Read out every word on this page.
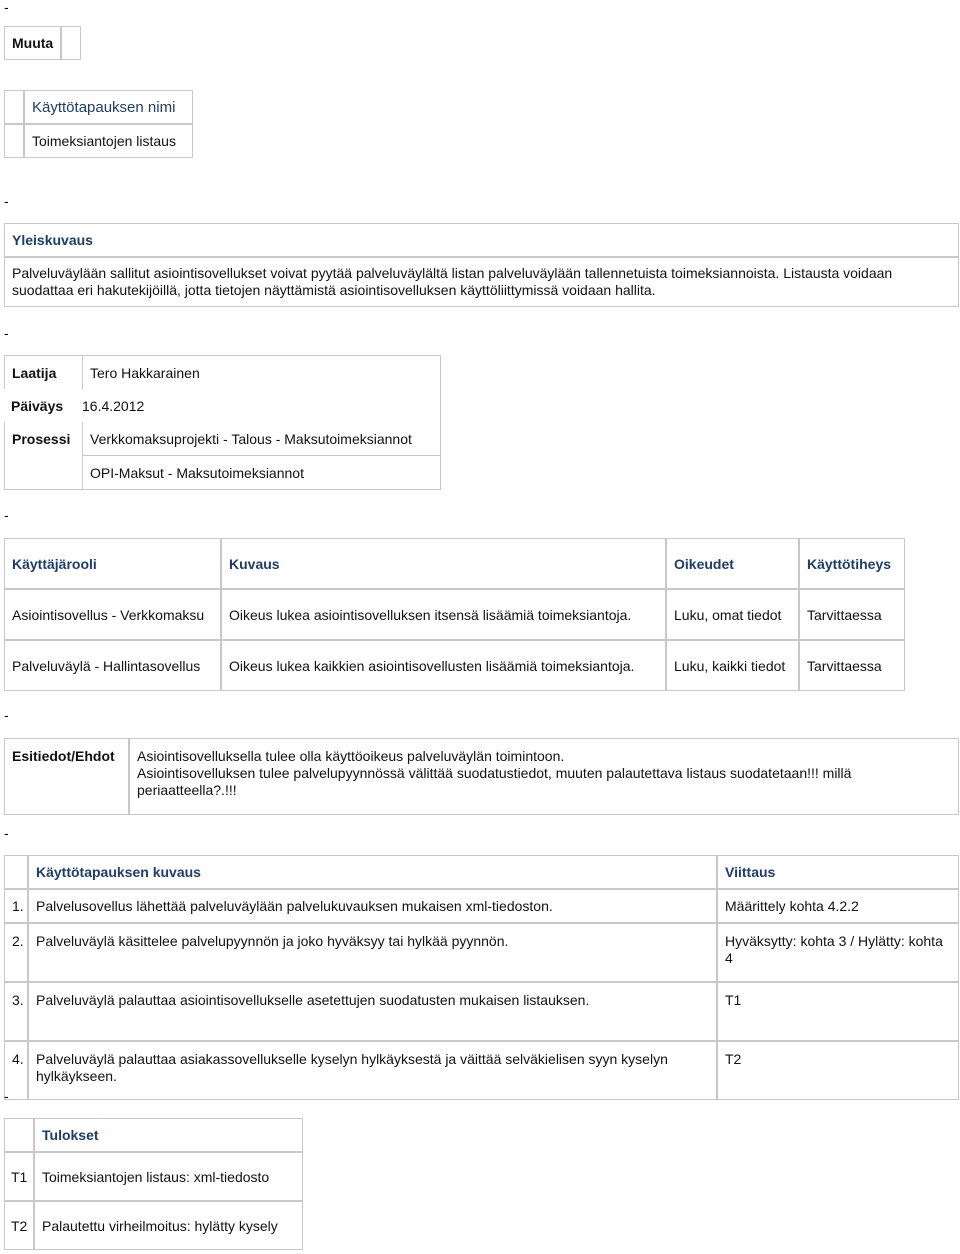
-
Muuta	
	Käyttötapauksen nimi
	Toimeksiantojen listaus
-
Yleiskuvaus
Palveluväylään sallitut asiointisovellukset voivat pyytää palveluväylältä listan palveluväylään tallennetuista toimeksiannoista. Listausta voidaan suodattaa eri hakutekijöillä, jotta tietojen näyttämistä asiointisovelluksen käyttöliittymissä voidaan hallita.
-
Laatija	Tero Hakkarainen
Päiväys	16.4.2012
Prosessi	Verkkomaksuprojekti - Talous - Maksutoimeksiannot
	OPI-Maksut - Maksutoimeksiannot
-
Käyttäjärooli	Kuvaus	Oikeudet	Käyttötiheys
Asiointisovellus - Verkkomaksu	Oikeus lukea asiointisovelluksen itsensä lisäämiä toimeksiantoja.	Luku, omat tiedot	Tarvittaessa
Palveluväylä - Hallintasovellus	Oikeus lukea kaikkien asiointisovellusten lisäämiä toimeksiantoja.	Luku, kaikki tiedot	Tarvittaessa
-
Esitiedot/Ehdot	Asiointisovelluksella tulee olla käyttöoikeus palveluväylän toimintoon.
Asiointisovelluksen tulee palvelupyynnössä välittää suodatustiedot, muuten palautettava listaus suodatetaan!!! millä periaatteella?.!!!
-
	Käyttötapauksen kuvaus	Viittaus
1.	Palvelusovellus lähettää palveluväylään palvelukuvauksen mukaisen xml-tiedoston.	Määrittely kohta 4.2.2
2.	Palveluväylä käsittelee palvelupyynnön ja joko hyväksyy tai hylkää pyynnön.	Hyväksytty: kohta 3 / Hylätty: kohta 4
3.	Palveluväylä palauttaa asiointisovellukselle asetettujen suodatusten mukaisen listauksen.	T1
4.	Palveluväylä palauttaa asiakassovellukselle kyselyn hylkäyksestä ja väittää selväkielisen syyn kyselyn hylkäykseen.	T2
-
	Tulokset
T1	Toimeksiantojen listaus: xml-tiedosto
T2	Palautettu virheilmoitus: hylätty kysely
